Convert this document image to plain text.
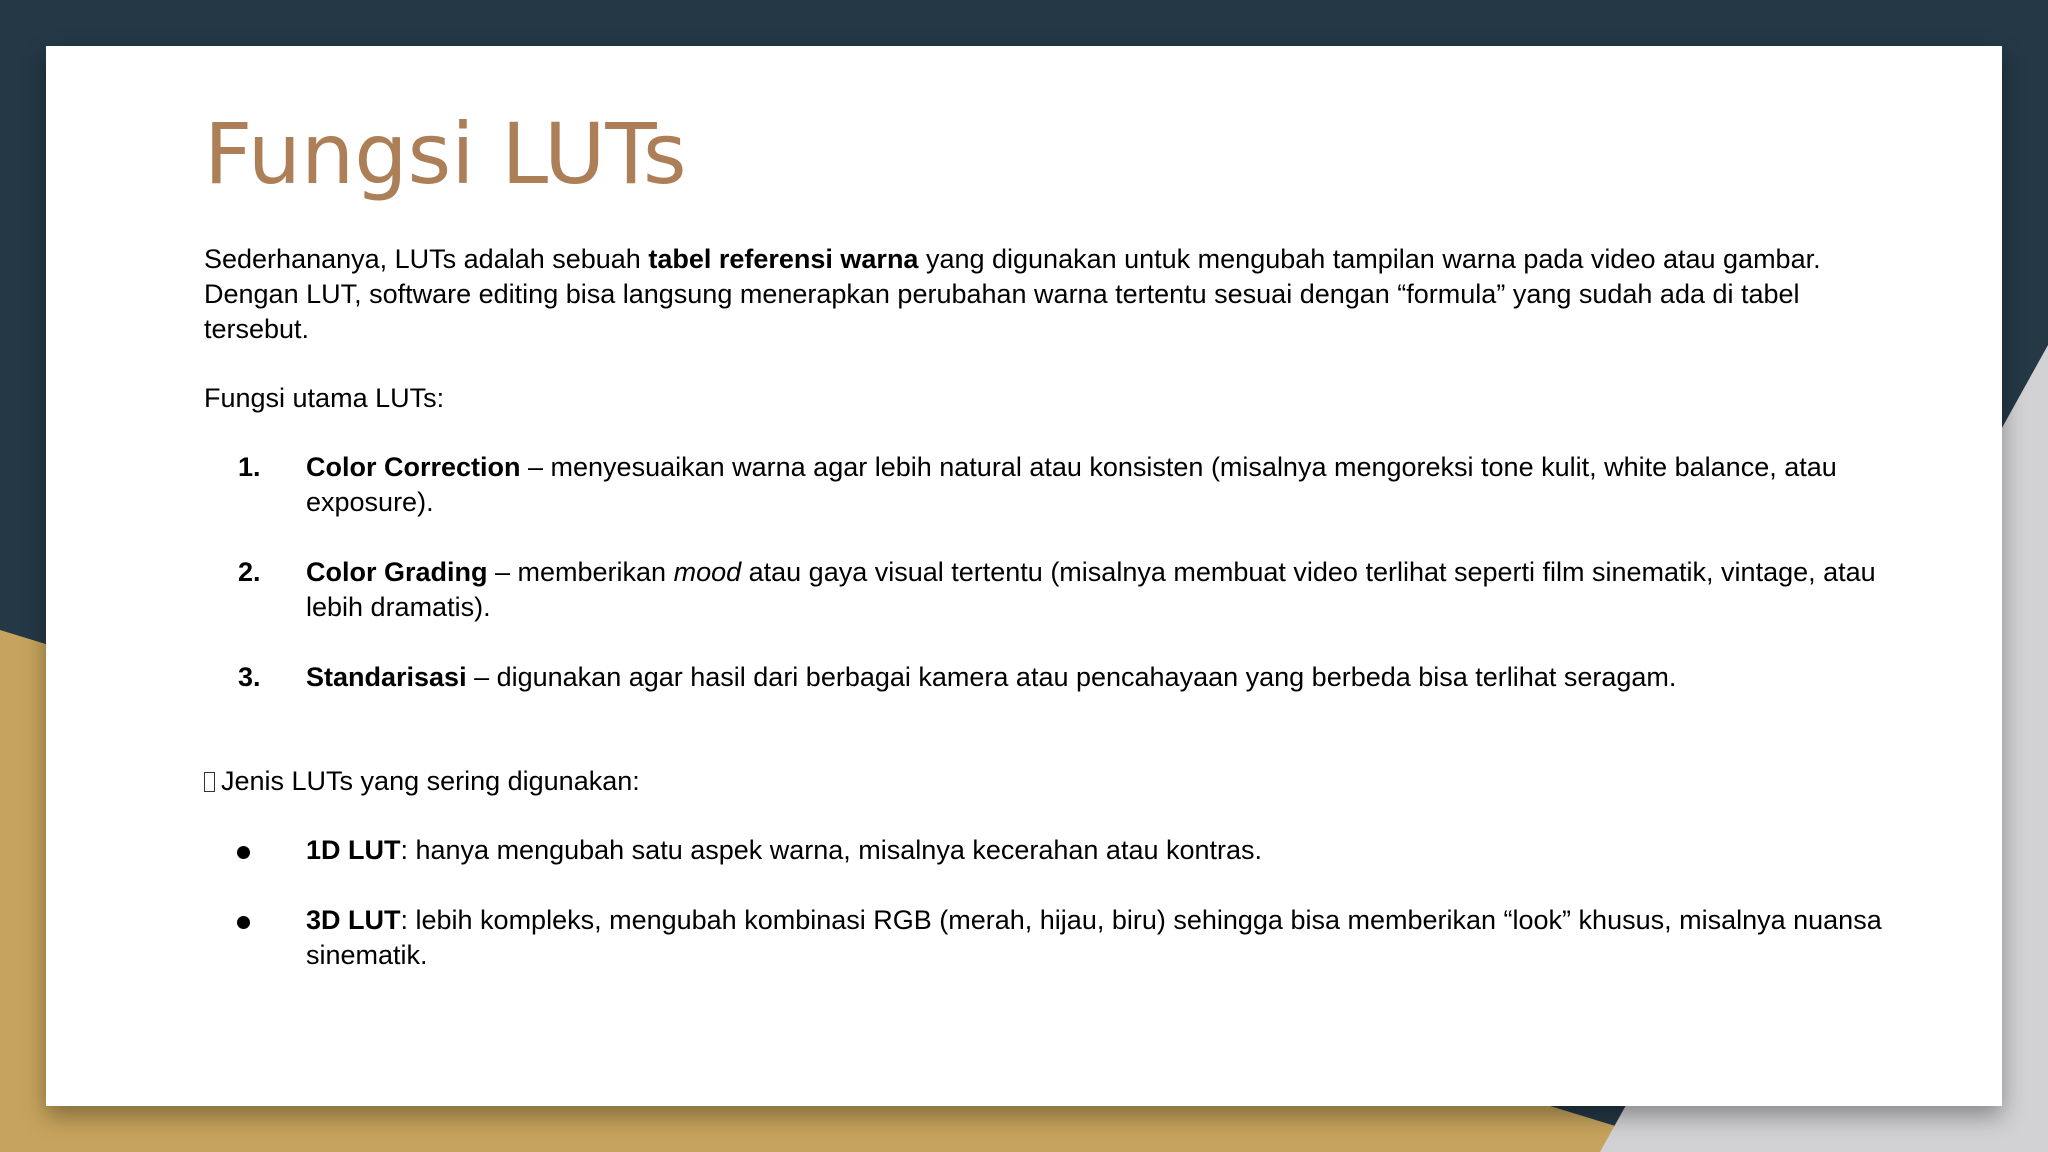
Fungsi LUTs

Sederhananya, LUTs adalah sebuah tabel referensi warna yang digunakan untuk mengubah tampilan warna pada video atau gambar. Dengan LUT, software editing bisa langsung menerapkan perubahan warna tertentu sesuai dengan “formula” yang sudah ada di tabel tersebut.

Fungsi utama LUTs:

1. Color Correction – menyesuaikan warna agar lebih natural atau konsisten (misalnya mengoreksi tone kulit, white balance, atau exposure).
2. Color Grading – memberikan mood atau gaya visual tertentu (misalnya membuat video terlihat seperti film sinematik, vintage, atau lebih dramatis).
3. Standarisasi – digunakan agar hasil dari berbagai kamera atau pencahayaan yang berbeda bisa terlihat seragam.

Jenis LUTs yang sering digunakan:

1D LUT: hanya mengubah satu aspek warna, misalnya kecerahan atau kontras.
3D LUT: lebih kompleks, mengubah kombinasi RGB (merah, hijau, biru) sehingga bisa memberikan “look” khusus, misalnya nuansa sinematik.
